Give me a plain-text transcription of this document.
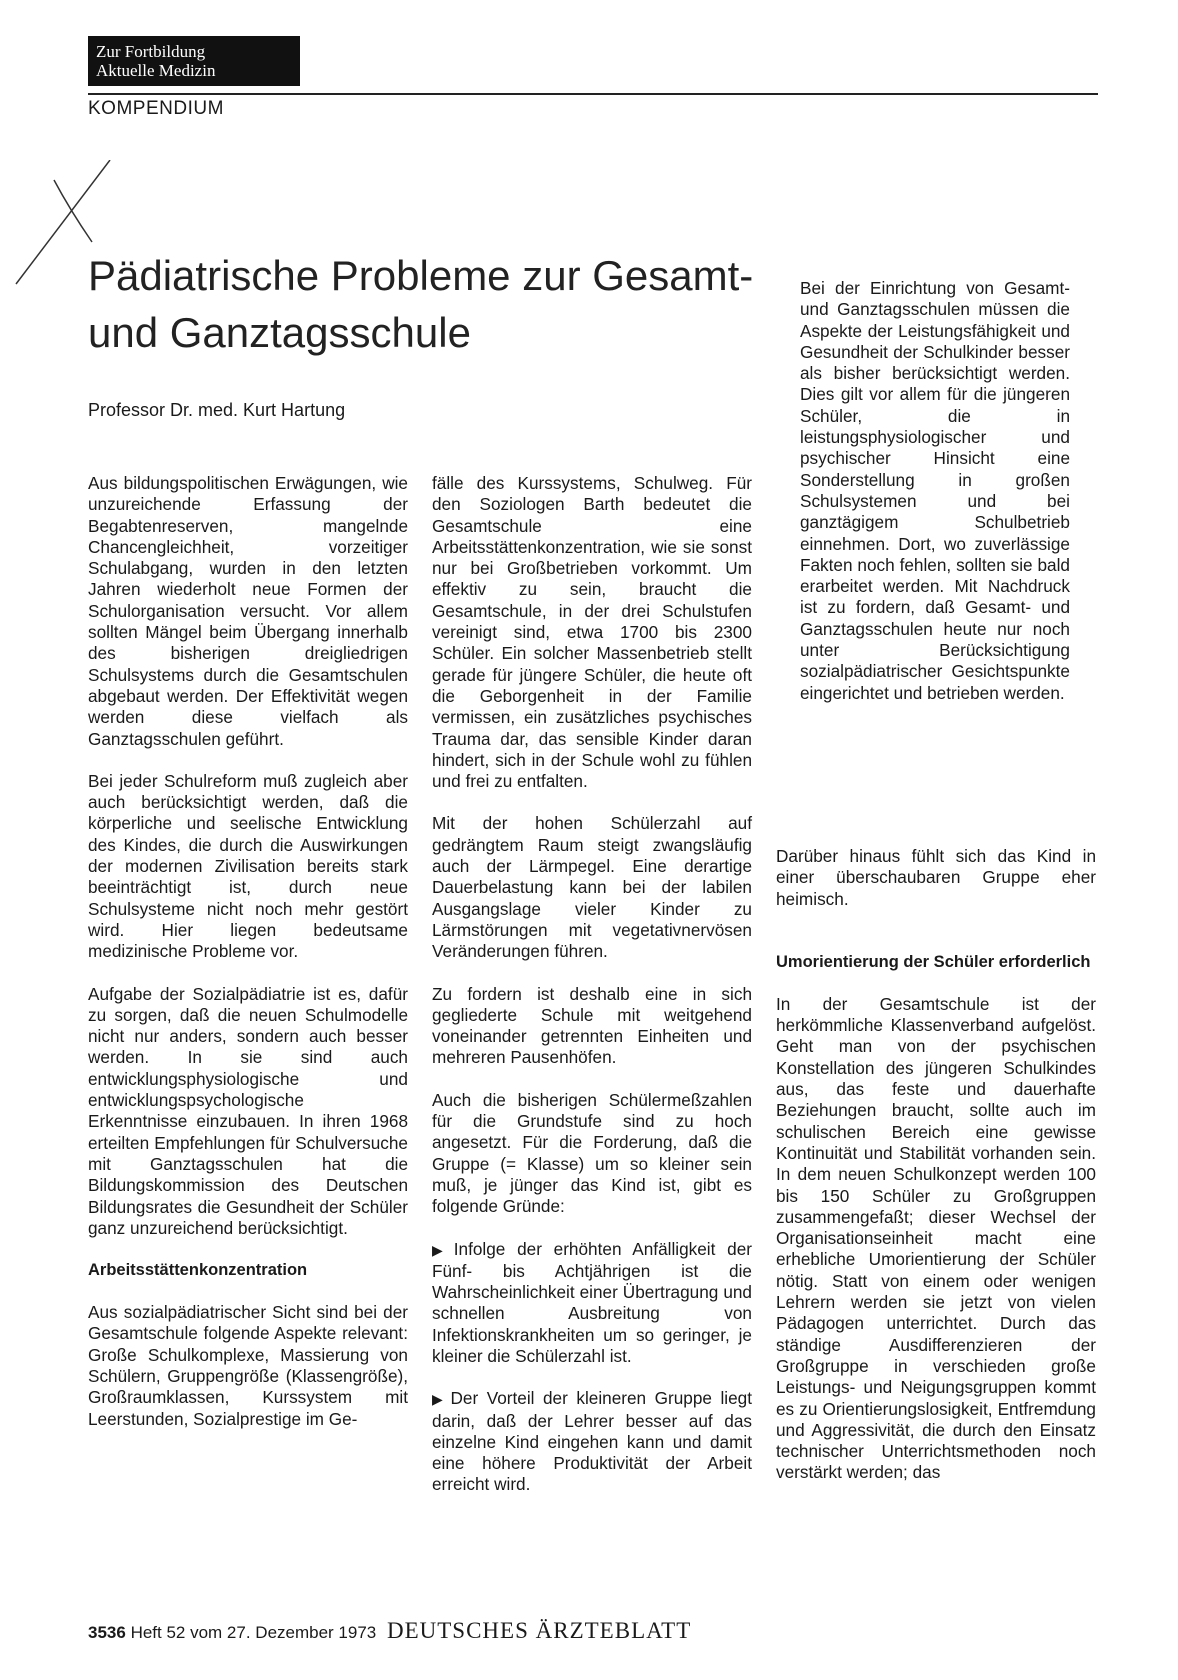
Zur Fortbildung
Aktuelle Medizin
KOMPENDIUM
Pädiatrische Probleme zur Gesamt- und Ganztagsschule
Professor Dr. med. Kurt Hartung

Aus bildungspolitischen Erwägungen, wie unzureichende Erfassung der Begabtenreserven, mangelnde Chancengleichheit, vorzeitiger Schulabgang, wurden in den letzten Jahren wiederholt neue Formen der Schulorganisation versucht. Vor allem sollten Mängel beim Übergang innerhalb des bisherigen dreigliedrigen Schulsystems durch die Gesamtschulen abgebaut werden. Der Effektivität wegen werden diese vielfach als Ganztagsschulen geführt.

Bei jeder Schulreform muß zugleich aber auch berücksichtigt werden, daß die körperliche und seelische Entwicklung des Kindes, die durch die Auswirkungen der modernen Zivilisation bereits stark beeinträchtigt ist, durch neue Schulsysteme nicht noch mehr gestört wird. Hier liegen bedeutsame medizinische Probleme vor.

Aufgabe der Sozialpädiatrie ist es, dafür zu sorgen, daß die neuen Schulmodelle nicht nur anders, sondern auch besser werden. In sie sind auch entwicklungsphysiologische und entwicklungspsychologische Erkenntnisse einzubauen. In ihren 1968 erteilten Empfehlungen für Schulversuche mit Ganztagsschulen hat die Bildungskommission des Deutschen Bildungsrates die Gesundheit der Schüler ganz unzureichend berücksichtigt.

Arbeitsstättenkonzentration

Aus sozialpädiatrischer Sicht sind bei der Gesamtschule folgende Aspekte relevant: Große Schulkomplexe, Massierung von Schülern, Gruppengröße (Klassengröße), Großraumklassen, Kurssystem mit Leerstunden, Sozialprestige im Ge-

fälle des Kurssystems, Schulweg. Für den Soziologen Barth bedeutet die Gesamtschule eine Arbeitsstättenkonzentration, wie sie sonst nur bei Großbetrieben vorkommt. Um effektiv zu sein, braucht die Gesamtschule, in der drei Schulstufen vereinigt sind, etwa 1700 bis 2300 Schüler. Ein solcher Massenbetrieb stellt gerade für jüngere Schüler, die heute oft die Geborgenheit in der Familie vermissen, ein zusätzliches psychisches Trauma dar, das sensible Kinder daran hindert, sich in der Schule wohl zu fühlen und frei zu entfalten.

Mit der hohen Schülerzahl auf gedrängtem Raum steigt zwangsläufig auch der Lärmpegel. Eine derartige Dauerbelastung kann bei der labilen Ausgangslage vieler Kinder zu Lärmstörungen mit vegetativnervösen Veränderungen führen.

Zu fordern ist deshalb eine in sich gegliederte Schule mit weitgehend voneinander getrennten Einheiten und mehreren Pausenhöfen.

Auch die bisherigen Schülermeßzahlen für die Grundstufe sind zu hoch angesetzt. Für die Forderung, daß die Gruppe (= Klasse) um so kleiner sein muß, je jünger das Kind ist, gibt es folgende Gründe:

▶ Infolge der erhöhten Anfälligkeit der Fünf- bis Achtjährigen ist die Wahrscheinlichkeit einer Übertragung und schnellen Ausbreitung von Infektionskrankheiten um so geringer, je kleiner die Schülerzahl ist.

▶ Der Vorteil der kleineren Gruppe liegt darin, daß der Lehrer besser auf das einzelne Kind eingehen kann und damit eine höhere Produktivität der Arbeit erreicht wird.

Bei der Einrichtung von Gesamt- und Ganztagsschulen müssen die Aspekte der Leistungsfähigkeit und Gesundheit der Schulkinder besser als bisher berücksichtigt werden. Dies gilt vor allem für die jüngeren Schüler, die in leistungsphysiologischer und psychischer Hinsicht eine Sonderstellung in großen Schulsystemen und bei ganztägigem Schulbetrieb einnehmen. Dort, wo zuverlässige Fakten noch fehlen, sollten sie bald erarbeitet werden. Mit Nachdruck ist zu fordern, daß Gesamt- und Ganztagsschulen heute nur noch unter Berücksichtigung sozialpädiatrischer Gesichtspunkte eingerichtet und betrieben werden.

Darüber hinaus fühlt sich das Kind in einer überschaubaren Gruppe eher heimisch.

Umorientierung der Schüler erforderlich

In der Gesamtschule ist der herkömmliche Klassenverband aufgelöst. Geht man von der psychischen Konstellation des jüngeren Schulkindes aus, das feste und dauerhafte Beziehungen braucht, sollte auch im schulischen Bereich eine gewisse Kontinuität und Stabilität vorhanden sein. In dem neuen Schulkonzept werden 100 bis 150 Schüler zu Großgruppen zusammengefaßt; dieser Wechsel der Organisationseinheit macht eine erhebliche Umorientierung der Schüler nötig. Statt von einem oder wenigen Lehrern werden sie jetzt von vielen Pädagogen unterrichtet. Durch das ständige Ausdifferenzieren der Großgruppe in verschieden große Leistungs- und Neigungsgruppen kommt es zu Orientierungslosigkeit, Entfremdung und Aggressivität, die durch den Einsatz technischer Unterrichtsmethoden noch verstärkt werden; das

3536 Heft 52 vom 27. Dezember 1973 DEUTSCHES ÄRZTEBLATT
